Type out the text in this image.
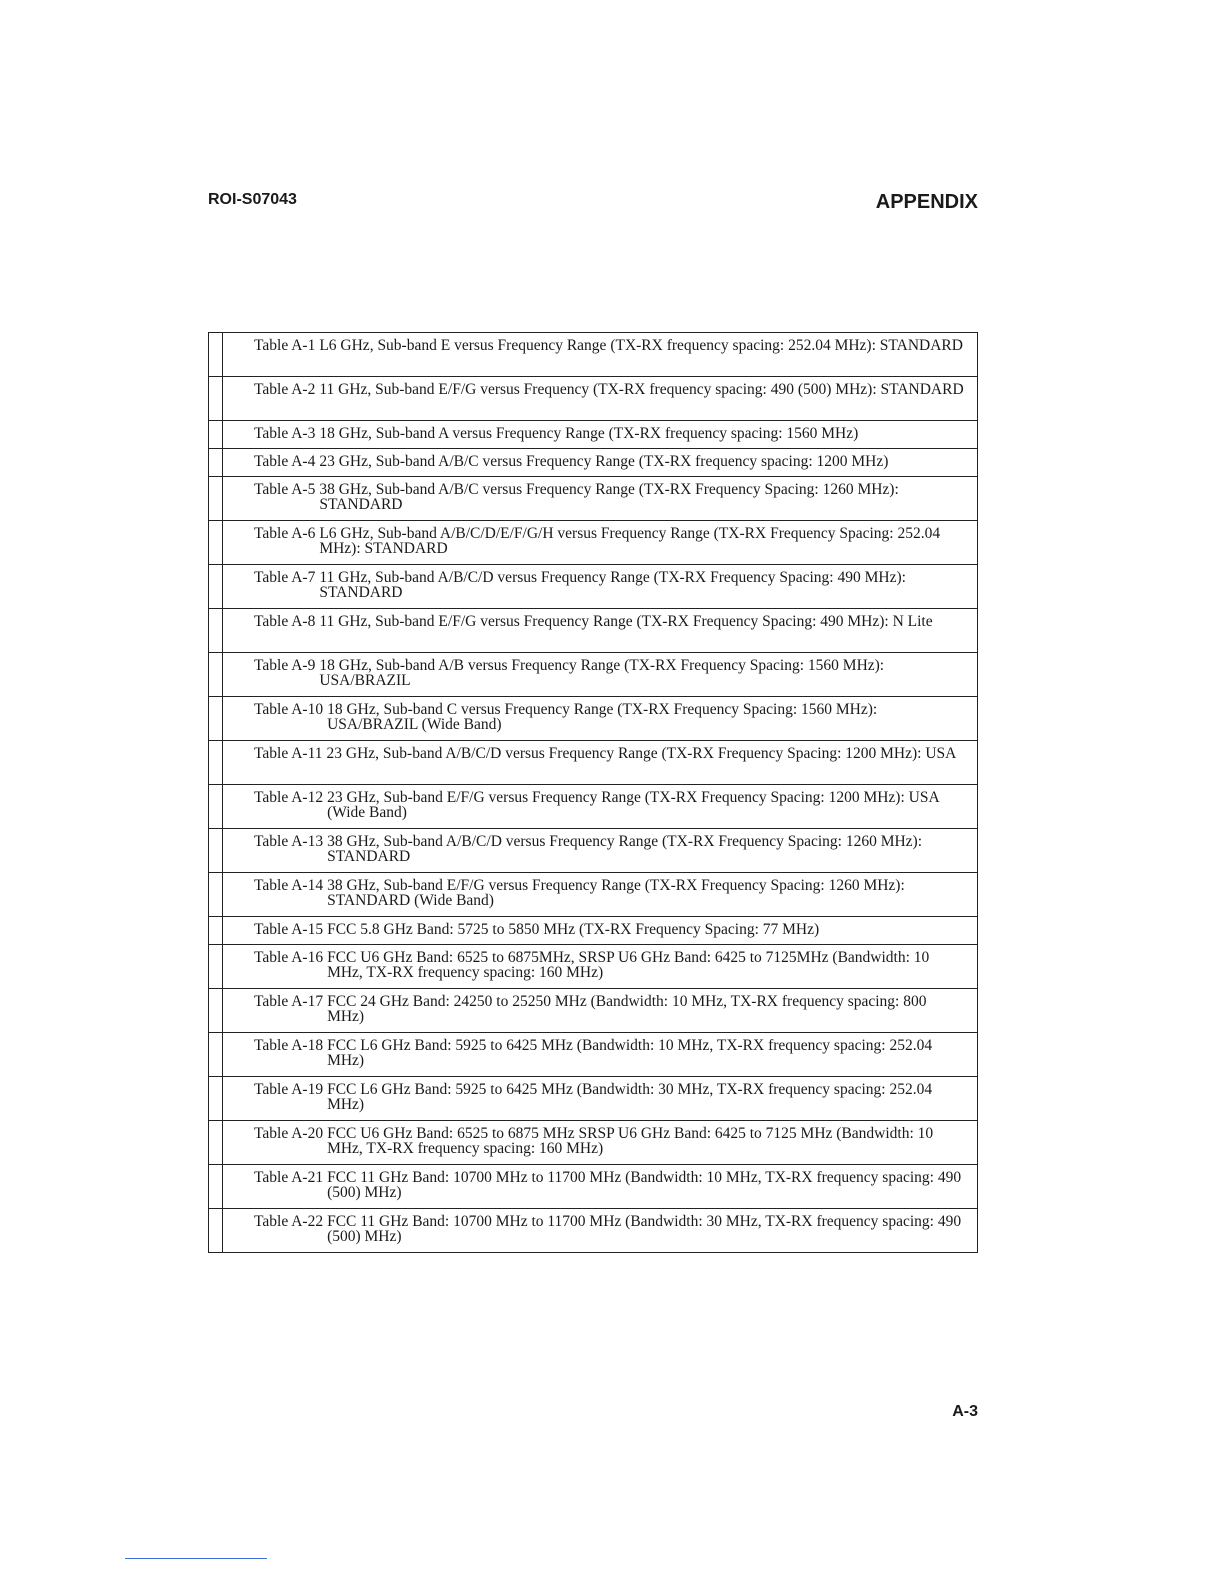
ROI-S07043	APPENDIX

	Table A-1 L6 GHz, Sub-band E versus Frequency Range (TX-RX frequency spacing: 252.04 MHz): STANDARD

	Table A-2 11 GHz, Sub-band E/F/G versus Frequency (TX-RX frequency spacing: 490 (500) MHz): STANDARD

	Table A-3 18 GHz, Sub-band A versus Frequency Range (TX-RX frequency spacing: 1560 MHz)

	Table A-4 23 GHz, Sub-band A/B/C versus Frequency Range (TX-RX frequency spacing: 1200 MHz)

	Table A-5 38 GHz, Sub-band A/B/C versus Frequency Range (TX-RX Frequency Spacing: 1260 MHz): STANDARD

	Table A-6 L6 GHz, Sub-band A/B/C/D/E/F/G/H versus Frequency Range (TX-RX Frequency Spacing: 252.04 MHz): STANDARD

	Table A-7 11 GHz, Sub-band A/B/C/D versus Frequency Range (TX-RX Frequency Spacing: 490 MHz): STANDARD

	Table A-8 11 GHz, Sub-band E/F/G versus Frequency Range (TX-RX Frequency Spacing: 490 MHz): N Lite

	Table A-9 18 GHz, Sub-band A/B versus Frequency Range (TX-RX Frequency Spacing: 1560 MHz): USA/BRAZIL

	Table A-10 18 GHz, Sub-band C versus Frequency Range (TX-RX Frequency Spacing: 1560 MHz): USA/BRAZIL (Wide Band)

	Table A-11 23 GHz, Sub-band A/B/C/D versus Frequency Range (TX-RX Frequency Spacing: 1200 MHz): USA

	Table A-12 23 GHz, Sub-band E/F/G versus Frequency Range (TX-RX Frequency Spacing: 1200 MHz): USA (Wide Band)

	Table A-13 38 GHz, Sub-band A/B/C/D versus Frequency Range (TX-RX Frequency Spacing: 1260 MHz): STANDARD

	Table A-14 38 GHz, Sub-band E/F/G versus Frequency Range (TX-RX Frequency Spacing: 1260 MHz): STANDARD (Wide Band)

	Table A-15 FCC 5.8 GHz Band: 5725 to 5850 MHz (TX-RX Frequency Spacing: 77 MHz)

	Table A-16 FCC U6 GHz Band: 6525 to 6875MHz, SRSP U6 GHz Band: 6425 to 7125MHz (Bandwidth: 10 MHz, TX-RX frequency spacing: 160 MHz)

	Table A-17 FCC 24 GHz Band: 24250 to 25250 MHz (Bandwidth: 10 MHz, TX-RX frequency spacing: 800 MHz)

	Table A-18 FCC L6 GHz Band: 5925 to 6425 MHz (Bandwidth: 10 MHz, TX-RX frequency spacing: 252.04 MHz)

	Table A-19 FCC L6 GHz Band: 5925 to 6425 MHz (Bandwidth: 30 MHz, TX-RX frequency spacing: 252.04 MHz)

	Table A-20 FCC U6 GHz Band: 6525 to 6875 MHz SRSP U6 GHz Band: 6425 to 7125 MHz (Bandwidth: 10 MHz, TX-RX frequency spacing: 160 MHz)

	Table A-21 FCC 11 GHz Band: 10700 MHz to 11700 MHz (Bandwidth: 10 MHz, TX-RX frequency spacing: 490 (500) MHz)

	Table A-22 FCC 11 GHz Band: 10700 MHz to 11700 MHz (Bandwidth: 30 MHz, TX-RX frequency spacing: 490 (500) MHz)
A-3
